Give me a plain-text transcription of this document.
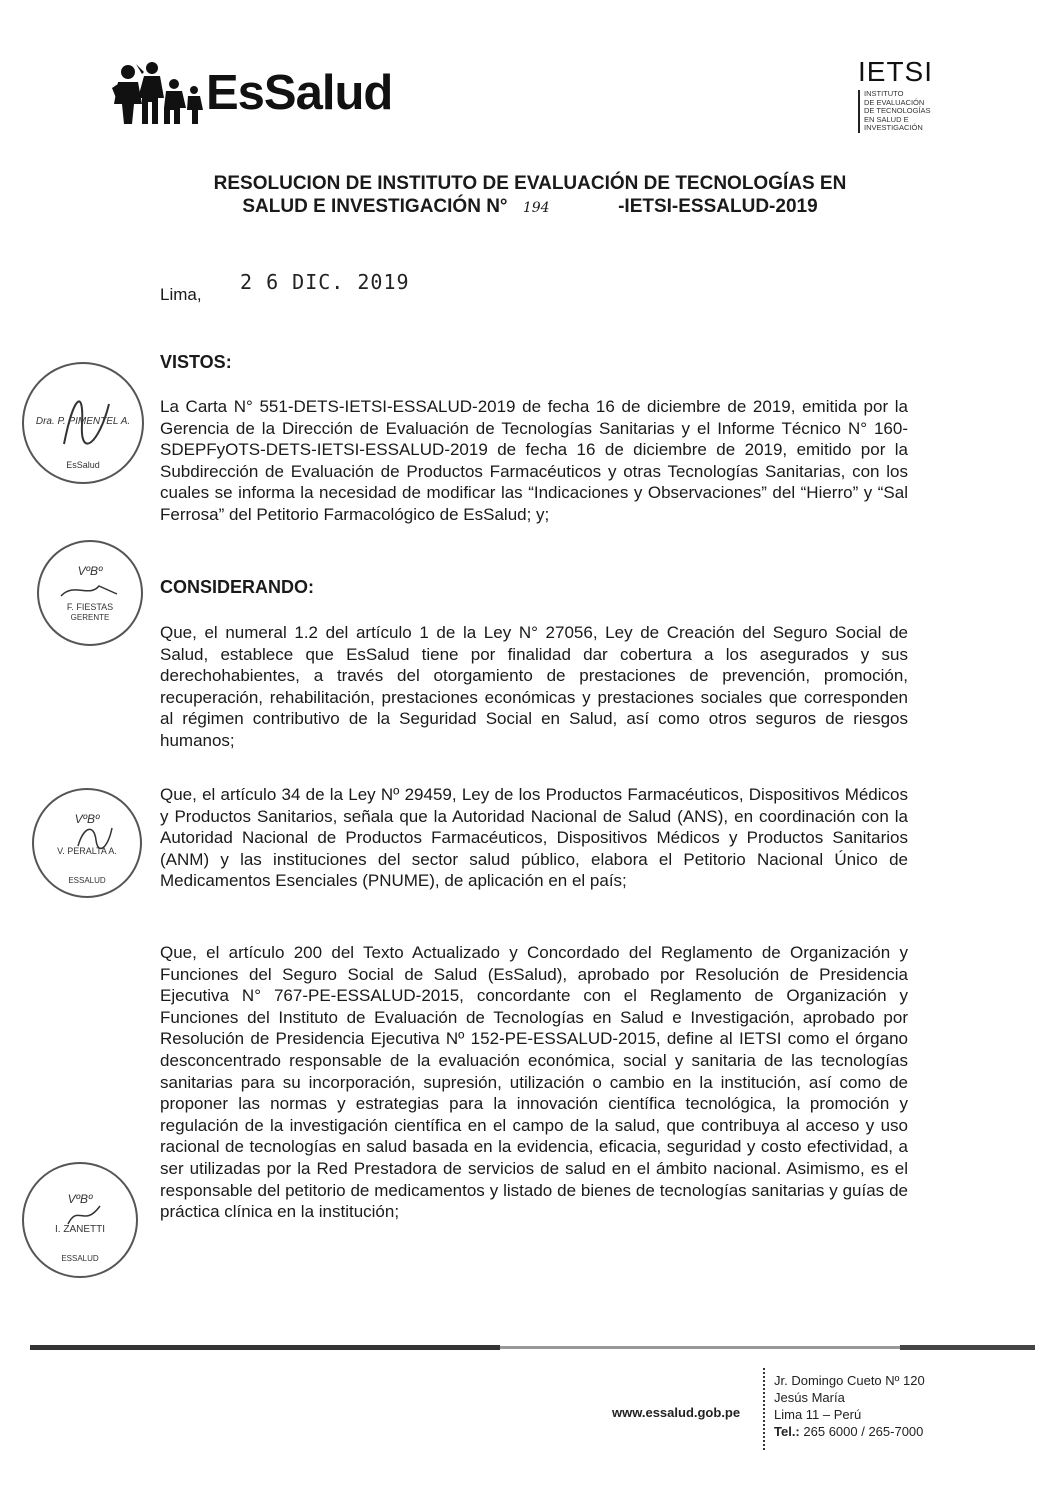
EsSalud	IETSI
INSTITUTO
DE EVALUACIÓN
DE TECNOLOGÍAS
EN SALUD E
INVESTIGACIÓN
RESOLUCION DE INSTITUTO DE EVALUACIÓN DE TECNOLOGÍAS EN
SALUD E INVESTIGACIÓN N° 194	-IETSI-ESSALUD-2019
Lima,
2 6 DIC. 2019
VISTOS:
La Carta N° 551-DETS-IETSI-ESSALUD-2019 de fecha 16 de diciembre de 2019, emitida por la Gerencia de la Dirección de Evaluación de Tecnologías Sanitarias y el Informe Técnico N° 160-SDEPFyOTS-DETS-IETSI-ESSALUD-2019 de fecha 16 de diciembre de 2019, emitido por la Subdirección de Evaluación de Productos Farmacéuticos y otras Tecnologías Sanitarias, con los cuales se informa la necesidad de modificar las “Indicaciones y Observaciones” del “Hierro” y “Sal Ferrosa” del Petitorio Farmacológico de EsSalud; y;
CONSIDERANDO:
Que, el numeral 1.2 del artículo 1 de la Ley N° 27056, Ley de Creación del Seguro Social de Salud, establece que EsSalud tiene por finalidad dar cobertura a los asegurados y sus derechohabientes, a través del otorgamiento de prestaciones de prevención, promoción, recuperación, rehabilitación, prestaciones económicas y prestaciones sociales que corresponden al régimen contributivo de la Seguridad Social en Salud, así como otros seguros de riesgos humanos;
Que, el artículo 34 de la Ley Nº 29459, Ley de los Productos Farmacéuticos, Dispositivos Médicos y Productos Sanitarios, señala que la Autoridad Nacional de Salud (ANS), en coordinación con la Autoridad Nacional de Productos Farmacéuticos, Dispositivos Médicos y Productos Sanitarios (ANM) y las instituciones del sector salud público, elabora el Petitorio Nacional Único de Medicamentos Esenciales (PNUME), de aplicación en el país;
Que, el artículo 200 del Texto Actualizado y Concordado del Reglamento de Organización y Funciones del Seguro Social de Salud (EsSalud), aprobado por Resolución de Presidencia Ejecutiva N° 767-PE-ESSALUD-2015, concordante con el Reglamento de Organización y Funciones del Instituto de Evaluación de Tecnologías en Salud e Investigación, aprobado por Resolución de Presidencia Ejecutiva Nº 152-PE-ESSALUD-2015, define al IETSI como el órgano desconcentrado responsable de la evaluación económica, social y sanitaria de las tecnologías sanitarias para su incorporación, supresión, utilización o cambio en la institución, así como de proponer las normas y estrategias para la innovación científica tecnológica, la promoción y regulación de la investigación científica en el campo de la salud, que contribuya al acceso y uso racional de tecnologías en salud basada en la evidencia, eficacia, seguridad y costo efectividad, a ser utilizadas por la Red Prestadora de servicios de salud en el ámbito nacional. Asimismo, es el responsable del petitorio de medicamentos y listado de bienes de tecnologías sanitarias y guías de práctica clínica en la institución;
Dra. P. PIMENTEL A.
EsSalud
VºBº
F. FIESTAS
GERENTE
VºBº
V. PERALTA A.
ESSALUD
VºBº
I. ZANETTI
ESSALUD
www.essalud.gob.pe
Jr. Domingo Cueto Nº 120
Jesús María
Lima 11 – Perú
Tel.: 265 6000 / 265-7000
